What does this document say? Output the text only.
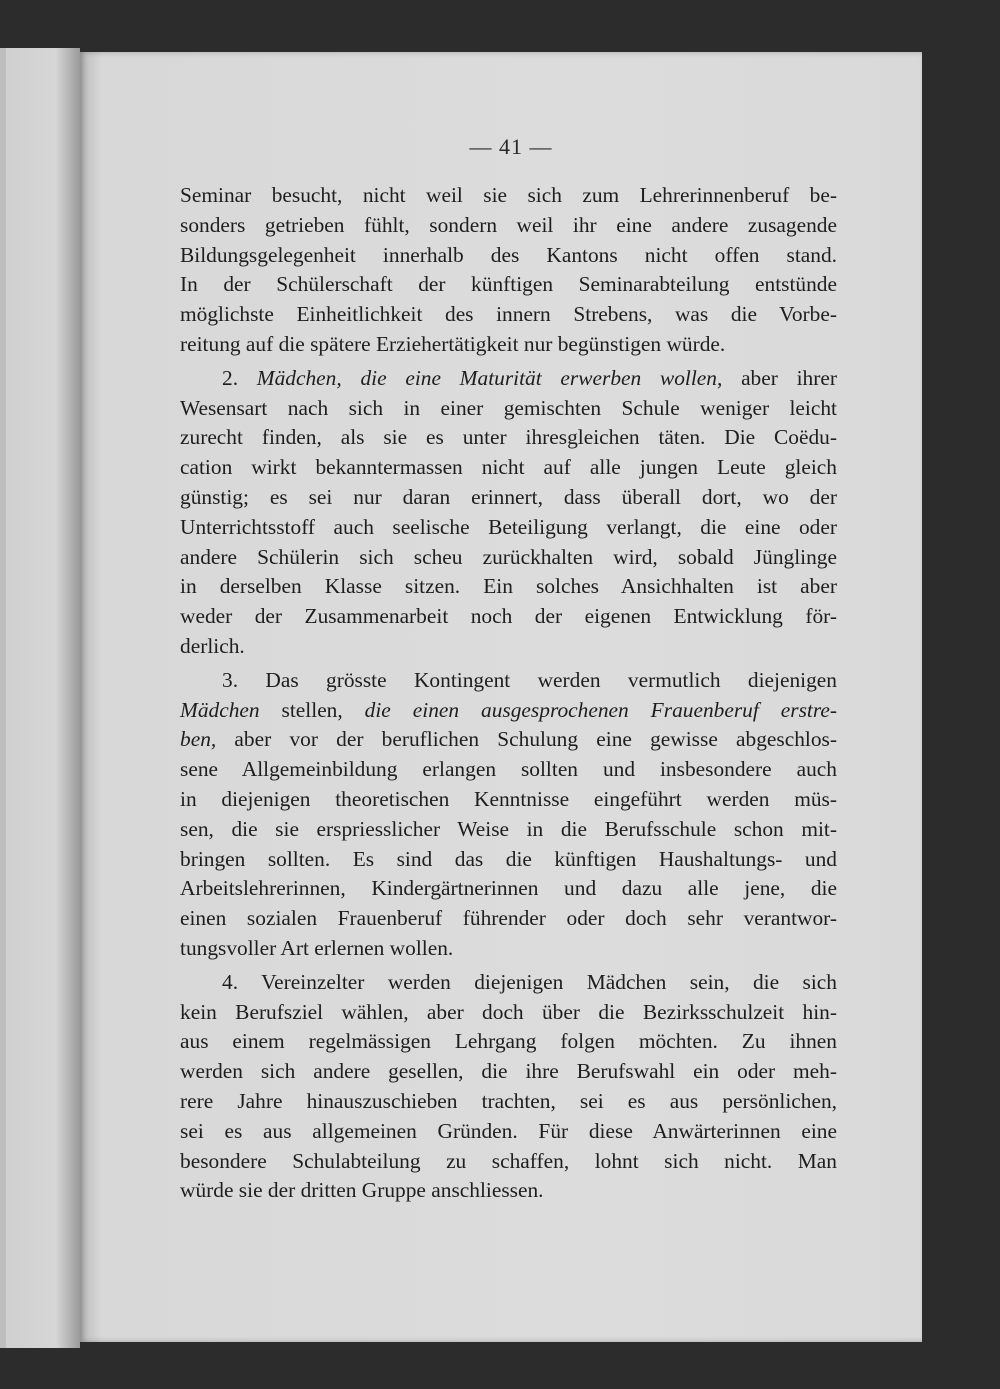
— 41 —
Seminar besucht, nicht weil sie sich zum Lehrerinnenberuf be-
sonders getrieben fühlt, sondern weil ihr eine andere zusagende
Bildungsgelegenheit innerhalb des Kantons nicht offen stand.
In der Schülerschaft der künftigen Seminarabteilung entstünde
möglichste Einheitlichkeit des innern Strebens, was die Vorbe-
reitung auf die spätere Erziehertätigkeit nur begünstigen würde.
2. Mädchen, die eine Maturität erwerben wollen, aber ihrer
Wesensart nach sich in einer gemischten Schule weniger leicht
zurecht finden, als sie es unter ihresgleichen täten. Die Coëdu-
cation wirkt bekanntermassen nicht auf alle jungen Leute gleich
günstig; es sei nur daran erinnert, dass überall dort, wo der
Unterrichtsstoff auch seelische Beteiligung verlangt, die eine oder
andere Schülerin sich scheu zurückhalten wird, sobald Jünglinge
in derselben Klasse sitzen. Ein solches Ansichhalten ist aber
weder der Zusammenarbeit noch der eigenen Entwicklung för-
derlich.
3. Das grösste Kontingent werden vermutlich diejenigen
Mädchen stellen, die einen ausgesprochenen Frauenberuf erstre-
ben, aber vor der beruflichen Schulung eine gewisse abgeschlos-
sene Allgemeinbildung erlangen sollten und insbesondere auch
in diejenigen theoretischen Kenntnisse eingeführt werden müs-
sen, die sie erspriesslicher Weise in die Berufsschule schon mit-
bringen sollten. Es sind das die künftigen Haushaltungs- und
Arbeitslehrerinnen, Kindergärtnerinnen und dazu alle jene, die
einen sozialen Frauenberuf führender oder doch sehr verantwor-
tungsvoller Art erlernen wollen.
4. Vereinzelter werden diejenigen Mädchen sein, die sich
kein Berufsziel wählen, aber doch über die Bezirksschulzeit hin-
aus einem regelmässigen Lehrgang folgen möchten. Zu ihnen
werden sich andere gesellen, die ihre Berufswahl ein oder meh-
rere Jahre hinauszuschieben trachten, sei es aus persönlichen,
sei es aus allgemeinen Gründen. Für diese Anwärterinnen eine
besondere Schulabteilung zu schaffen, lohnt sich nicht. Man
würde sie der dritten Gruppe anschliessen.
